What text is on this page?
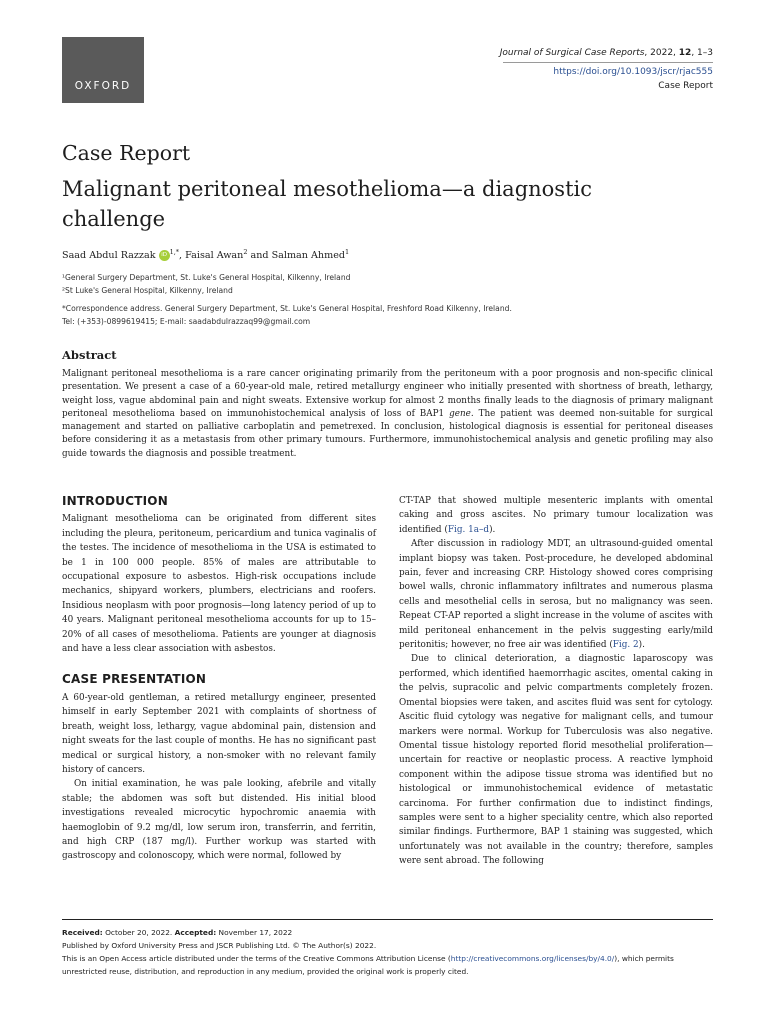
OXFORD
Journal of Surgical Case Reports, 2022, 12, 1–3
https://doi.org/10.1093/jscr/rjac555
Case Report
Case Report
Malignant peritoneal mesothelioma—a diagnostic challenge
Saad Abdul Razzak iD $^{1,*}$, Faisal Awan$^2$ and Salman Ahmed$^1$
¹General Surgery Department, St. Luke's General Hospital, Kilkenny, Ireland
²St Luke's General Hospital, Kilkenny, Ireland
*Correspondence address. General Surgery Department, St. Luke's General Hospital, Freshford Road Kilkenny, Ireland.
Tel: (+353)-0899619415; E-mail: saadabdulrazzaq99@gmail.com
Abstract

Malignant peritoneal mesothelioma is a rare cancer originating primarily from the peritoneum with a poor prognosis and non-specific clinical presentation. We present a case of a 60-year-old male, retired metallurgy engineer who initially presented with shortness of breath, lethargy, weight loss, vague abdominal pain and night sweats. Extensive workup for almost 2 months finally leads to the diagnosis of primary malignant peritoneal mesothelioma based on immunohistochemical analysis of loss of BAP1 gene. The patient was deemed non-suitable for surgical management and started on palliative carboplatin and pemetrexed. In conclusion, histological diagnosis is essential for peritoneal diseases before considering it as a metastasis from other primary tumours. Furthermore, immunohistochemical analysis and genetic profiling may also guide towards the diagnosis and possible treatment.

INTRODUCTION

Malignant mesothelioma can be originated from different sites including the pleura, peritoneum, pericardium and tunica vaginalis of the testes. The incidence of mesothelioma in the USA is estimated to be 1 in 100 000 people. 85% of males are attributable to occupational exposure to asbestos. High-risk occupations include mechanics, shipyard workers, plumbers, electricians and roofers. Insidious neoplasm with poor prognosis—long latency period of up to 40 years. Malignant peritoneal mesothelioma accounts for up to 15–20% of all cases of mesothelioma. Patients are younger at diagnosis and have a less clear association with asbestos.

CASE PRESENTATION

A 60-year-old gentleman, a retired metallurgy engineer, presented himself in early September 2021 with complaints of shortness of breath, weight loss, lethargy, vague abdominal pain, distension and night sweats for the last couple of months. He has no significant past medical or surgical history, a non-smoker with no relevant family history of cancers.

On initial examination, he was pale looking, afebrile and vitally stable; the abdomen was soft but distended. His initial blood investigations revealed microcytic hypochromic anaemia with haemoglobin of 9.2 mg/dl, low serum iron, transferrin, and ferritin, and high CRP (187 mg/l). Further workup was started with gastroscopy and colonoscopy, which were normal, followed by

CT-TAP that showed multiple mesenteric implants with omental caking and gross ascites. No primary tumour localization was identified (Fig. 1a–d).

After discussion in radiology MDT, an ultrasound-guided omental implant biopsy was taken. Post-procedure, he developed abdominal pain, fever and increasing CRP. Histology showed cores comprising bowel walls, chronic inflammatory infiltrates and numerous plasma cells and mesothelial cells in serosa, but no malignancy was seen. Repeat CT-AP reported a slight increase in the volume of ascites with mild peritoneal enhancement in the pelvis suggesting early/mild peritonitis; however, no free air was identified (Fig. 2).

Due to clinical deterioration, a diagnostic laparoscopy was performed, which identified haemorrhagic ascites, omental caking in the pelvis, supracolic and pelvic compartments completely frozen. Omental biopsies were taken, and ascites fluid was sent for cytology. Ascitic fluid cytology was negative for malignant cells, and tumour markers were normal. Workup for Tuberculosis was also negative. Omental tissue histology reported florid mesothelial proliferation—uncertain for reactive or neoplastic process. A reactive lymphoid component within the adipose tissue stroma was identified but no histological or immunohistochemical evidence of metastatic carcinoma. For further confirmation due to indistinct findings, samples were sent to a higher speciality centre, which also reported similar findings. Furthermore, BAP 1 staining was suggested, which unfortunately was not available in the country; therefore, samples were sent abroad. The following

Received: October 20, 2022. Accepted: November 17, 2022
Published by Oxford University Press and JSCR Publishing Ltd. © The Author(s) 2022.
This is an Open Access article distributed under the terms of the Creative Commons Attribution License (http://creativecommons.org/licenses/by/4.0/), which permits unrestricted reuse, distribution, and reproduction in any medium, provided the original work is properly cited.
